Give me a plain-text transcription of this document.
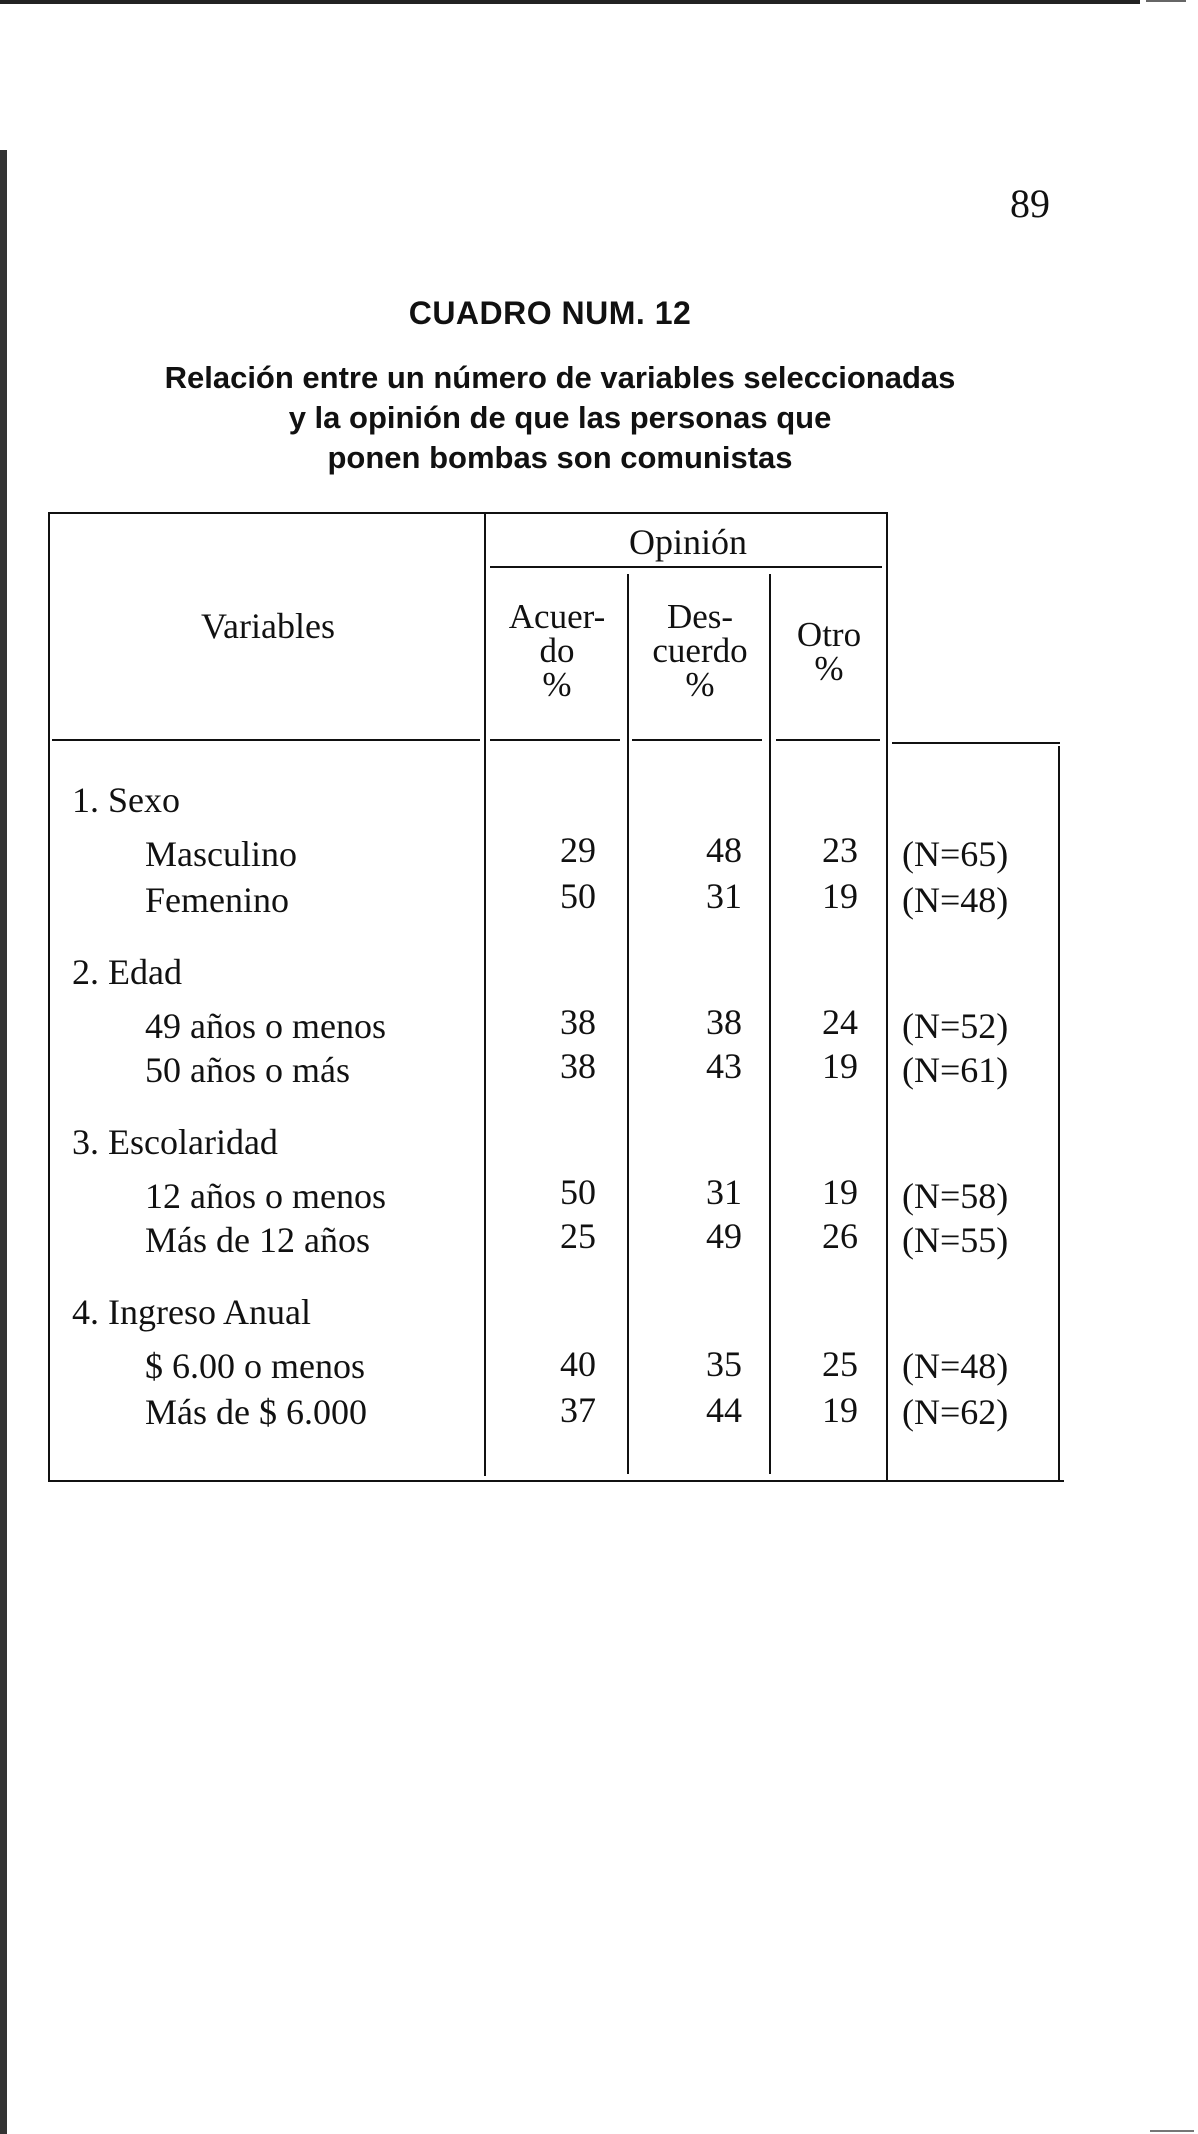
89
CUADRO NUM. 12
Relación entre un número de variables seleccionadas
y la opinión de que las personas que
ponen bombas son comunistas
Opinión
Variables	Acuer-
do
%
Des-
cuerdo
%
Otro
%
1. Sexo
Masculino	29	48	23 (N=65)
Femenino	50	31	19 (N=48)
2. Edad
49 años o menos	38	38	24 (N=52)
50 años o más	38	43	19 (N=61)
3. Escolaridad
12 años o menos	50	31	19 (N=58)
Más de 12 años	25	49	26 (N=55)
4. Ingreso Anual
$ 6.00 o menos	40	35	25 (N=48)
Más de $ 6.000	37	44	19 (N=62)
